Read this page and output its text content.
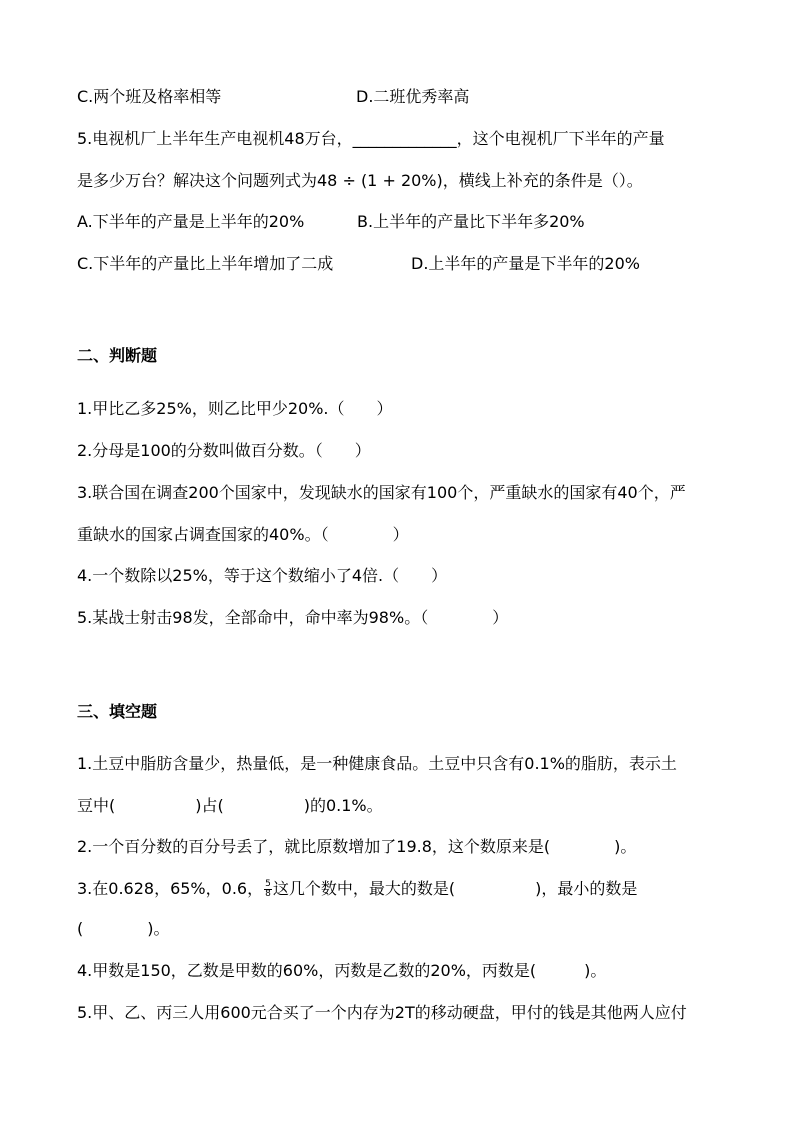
C.两个班及格率相等	D.二班优秀率高
5.电视机厂上半年生产电视机48万台，_____________，这个电视机厂下半年的产量
是多少万台？解决这个问题列式为48 ÷ (1 + 20%)，横线上补充的条件是（）。
A.下半年的产量是上半年的20%	B.上半年的产量比下半年多20%
C.下半年的产量比上半年增加了二成	D.上半年的产量是下半年的20%
二、判断题
1.甲比乙多25%，则乙比甲少20%.（　　）
2.分母是100的分数叫做百分数。（　　）
3.联合国在调查200个国家中，发现缺水的国家有100个，严重缺水的国家有40个，严
重缺水的国家占调查国家的40%。（　　　　）
4.一个数除以25%，等于这个数缩小了4倍.（　　）
5.某战士射击98发，全部命中，命中率为98%。（　　　　）
三、填空题
1.土豆中脂肪含量少，热量低，是一种健康食品。土豆中只含有0.1%的脂肪，表示土
豆中(　　　　　)占(　　　　　)的0.1%。
2.一个百分数的百分号丢了，就比原数增加了19.8，这个数原来是(　　　　)。
3.在0.628，65%，0.6， $\frac{5}{8}$ 这几个数中，最大的数是(　　　　　)，最小的数是
(　　　　)。
4.甲数是150，乙数是甲数的60%，丙数是乙数的20%，丙数是(　　　)。
5.甲、乙、丙三人用600元合买了一个内存为2T的移动硬盘，甲付的钱是其他两人应付
